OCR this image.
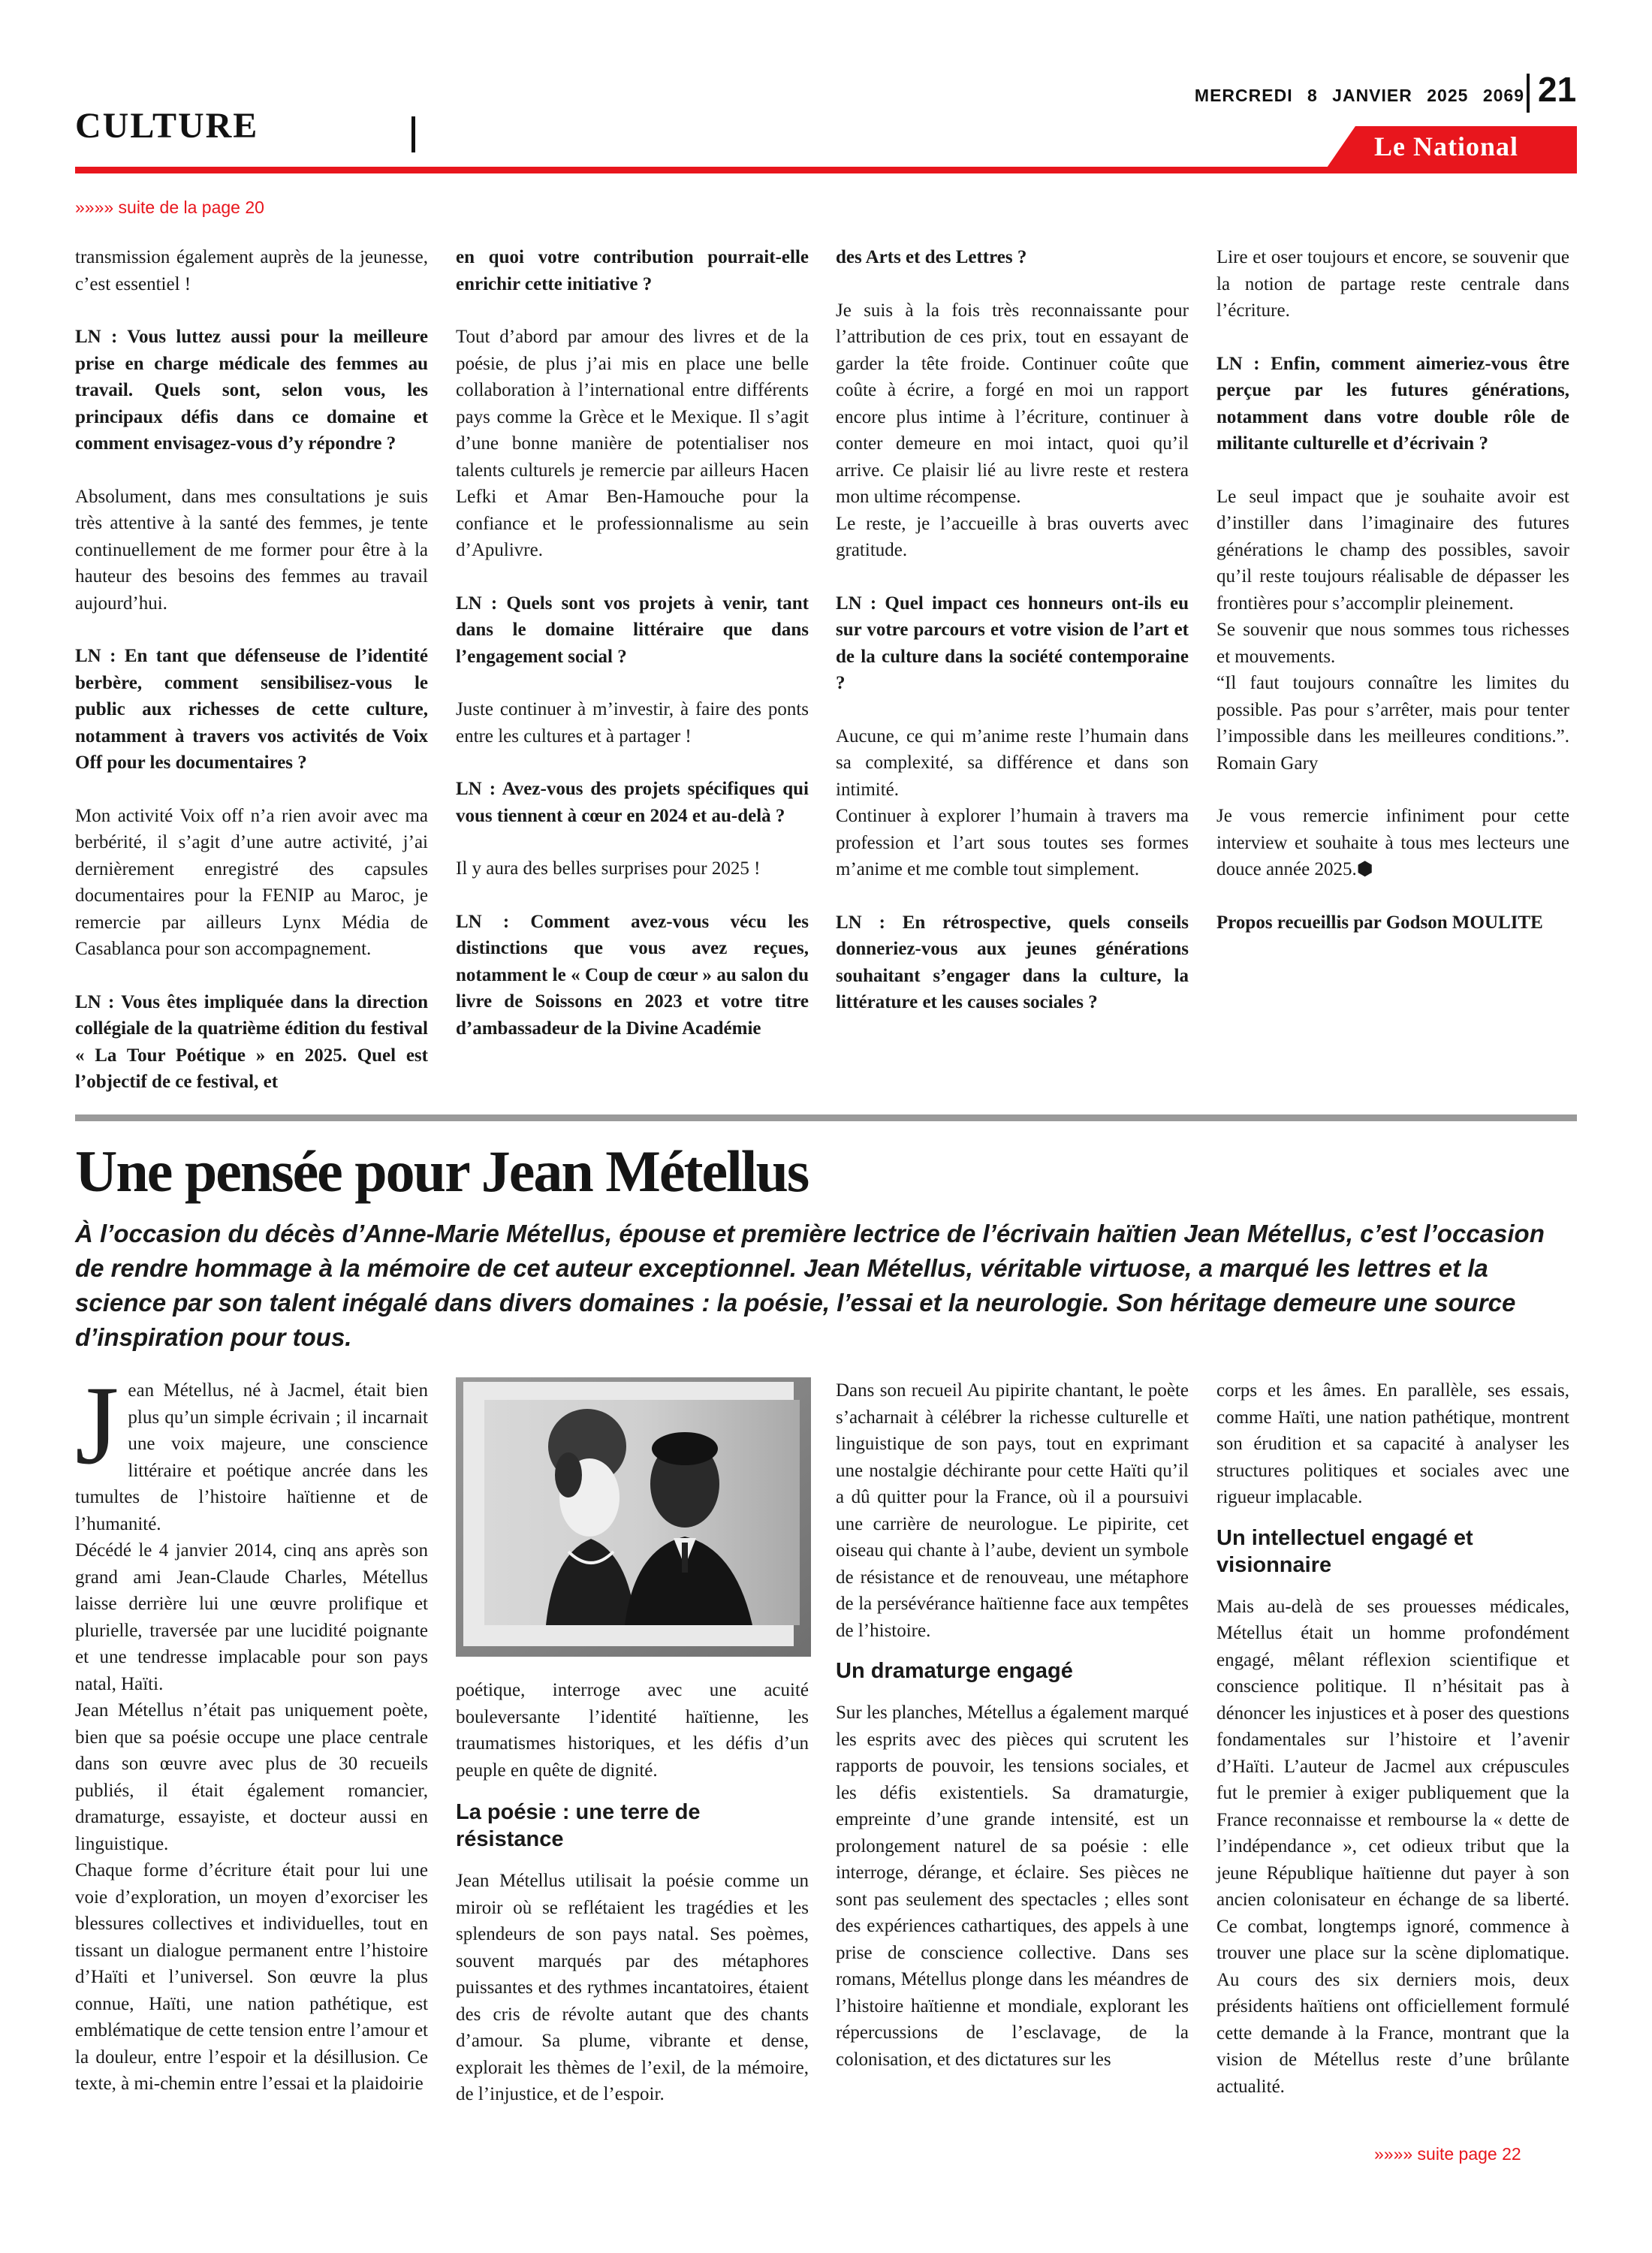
CULTURE
MERCREDI 8 JANVIER 2025 2069 21
Le National
»»»» suite de la page 20

transmission également auprès de la jeunesse, c’est essentiel !

LN : Vous luttez aussi pour la meilleure prise en charge médicale des femmes au travail. Quels sont, selon vous, les principaux défis dans ce domaine et comment envisagez-vous d’y répondre ?

Absolument, dans mes consultations je suis très attentive à la santé des femmes, je tente continuellement de me former pour être à la hauteur des besoins des femmes au travail aujourd’hui.

LN : En tant que défenseuse de l’identité berbère, comment sensibilisez-vous le public aux richesses de cette culture, notamment à travers vos activités de Voix Off pour les documentaires ?

Mon activité Voix off n’a rien avoir avec ma berbérité, il s’agit d’une autre activité, j’ai dernièrement enregistré des capsules documentaires pour la FENIP au Maroc, je remercie par ailleurs Lynx Média de Casablanca pour son accompagnement.

LN : Vous êtes impliquée dans la direction collégiale de la quatrième édition du festival « La Tour Poétique » en 2025. Quel est l’objectif de ce festival, et

en quoi votre contribution pourrait-elle enrichir cette initiative ?

Tout d’abord par amour des livres et de la poésie, de plus j’ai mis en place une belle collaboration à l’international entre différents pays comme la Grèce et le Mexique. Il s’agit d’une bonne manière de potentialiser nos talents culturels je remercie par ailleurs Hacen Lefki et Amar Ben-Hamouche pour la confiance et le professionnalisme au sein d’Apulivre.

LN : Quels sont vos projets à venir, tant dans le domaine littéraire que dans l’engagement social ?

Juste continuer à m’investir, à faire des ponts entre les cultures et à partager !

LN : Avez-vous des projets spécifiques qui vous tiennent à cœur en 2024 et au-delà ?

Il y aura des belles surprises pour 2025 !

LN : Comment avez-vous vécu les distinctions que vous avez reçues, notamment le « Coup de cœur » au salon du livre de Soissons en 2023 et votre titre d’ambassadeur de la Divine Académie

des Arts et des Lettres ?

Je suis à la fois très reconnaissante pour l’attribution de ces prix, tout en essayant de garder la tête froide. Continuer coûte que coûte à écrire, a forgé en moi un rapport encore plus intime à l’écriture, continuer à conter demeure en moi intact, quoi qu’il arrive. Ce plaisir lié au livre reste et restera mon ultime récompense.

Le reste, je l’accueille à bras ouverts avec gratitude.

LN : Quel impact ces honneurs ont-ils eu sur votre parcours et votre vision de l’art et de la culture dans la société contemporaine ?

Aucune, ce qui m’anime reste l’humain dans sa complexité, sa différence et dans son intimité.

Continuer à explorer l’humain à travers ma profession et l’art sous toutes ses formes m’anime et me comble tout simplement.

LN : En rétrospective, quels conseils donneriez-vous aux jeunes générations souhaitant s’engager dans la culture, la littérature et les causes sociales ?

Lire et oser toujours et encore, se souvenir que la notion de partage reste centrale dans l’écriture.

LN : Enfin, comment aimeriez-vous être perçue par les futures générations, notamment dans votre double rôle de militante culturelle et d’écrivain ?

Le seul impact que je souhaite avoir est d’instiller dans l’imaginaire des futures générations le champ des possibles, savoir qu’il reste toujours réalisable de dépasser les frontières pour s’accomplir pleinement.

Se souvenir que nous sommes tous richesses et mouvements.

“Il faut toujours connaître les limites du possible. Pas pour s’arrêter, mais pour tenter l’impossible dans les meilleures conditions.”. Romain Gary

Je vous remercie infiniment pour cette interview et souhaite à tous mes lecteurs une douce année 2025.⬢

Propos recueillis par Godson MOULITE

Une pensée pour Jean Métellus
À l’occasion du décès d’Anne-Marie Métellus, épouse et première lectrice de l’écrivain haïtien Jean Métellus, c’est l’occasion de rendre hommage à la mémoire de cet auteur exceptionnel. Jean Métellus, véritable virtuose, a marqué les lettres et la science par son talent inégalé dans divers domaines : la poésie, l’essai et la neurologie. Son héritage demeure une source d’inspiration pour tous.

Jean Métellus, né à Jacmel, était bien plus qu’un simple écrivain ; il incarnait une voix majeure, une conscience littéraire et poétique ancrée dans les tumultes de l’histoire haïtienne et de l’humanité.

Décédé le 4 janvier 2014, cinq ans après son grand ami Jean-Claude Charles, Métellus laisse derrière lui une œuvre prolifique et plurielle, traversée par une lucidité poignante et une tendresse implacable pour son pays natal, Haïti.

Jean Métellus n’était pas uniquement poète, bien que sa poésie occupe une place centrale dans son œuvre avec plus de 30 recueils publiés, il était également romancier, dramaturge, essayiste, et docteur aussi en linguistique.

Chaque forme d’écriture était pour lui une voie d’exploration, un moyen d’exorciser les blessures collectives et individuelles, tout en tissant un dialogue permanent entre l’histoire d’Haïti et l’universel. Son œuvre la plus connue, Haïti, une nation pathétique, est emblématique de cette tension entre l’amour et la douleur, entre l’espoir et la désillusion. Ce texte, à mi-chemin entre l’essai et la plaidoirie

poétique, interroge avec une acuité bouleversante l’identité haïtienne, les traumatismes historiques, et les défis d’un peuple en quête de dignité.

La poésie : une terre de résistance

Jean Métellus utilisait la poésie comme un miroir où se reflétaient les tragédies et les splendeurs de son pays natal. Ses poèmes, souvent marqués par des métaphores puissantes et des rythmes incantatoires, étaient des cris de révolte autant que des chants d’amour. Sa plume, vibrante et dense, explorait les thèmes de l’exil, de la mémoire, de l’injustice, et de l’espoir.

Dans son recueil Au pipirite chantant, le poète s’acharnait à célébrer la richesse culturelle et linguistique de son pays, tout en exprimant une nostalgie déchirante pour cette Haïti qu’il a dû quitter pour la France, où il a poursuivi une carrière de neurologue. Le pipirite, cet oiseau qui chante à l’aube, devient un symbole de résistance et de renouveau, une métaphore de la persévérance haïtienne face aux tempêtes de l’histoire.

Un dramaturge engagé

Sur les planches, Métellus a également marqué les esprits avec des pièces qui scrutent les rapports de pouvoir, les tensions sociales, et les défis existentiels. Sa dramaturgie, empreinte d’une grande intensité, est un prolongement naturel de sa poésie : elle interroge, dérange, et éclaire. Ses pièces ne sont pas seulement des spectacles ; elles sont des expériences cathartiques, des appels à une prise de conscience collective. Dans ses romans, Métellus plonge dans les méandres de l’histoire haïtienne et mondiale, explorant les répercussions de l’esclavage, de la colonisation, et des dictatures sur les

corps et les âmes. En parallèle, ses essais, comme Haïti, une nation pathétique, montrent son érudition et sa capacité à analyser les structures politiques et sociales avec une rigueur implacable.

Un intellectuel engagé et visionnaire

Mais au-delà de ses prouesses médicales, Métellus était un homme profondément engagé, mêlant réflexion scientifique et conscience politique. Il n’hésitait pas à dénoncer les injustices et à poser des questions fondamentales sur l’histoire et l’avenir d’Haïti. L’auteur de Jacmel aux crépuscules fut le premier à exiger publiquement que la France reconnaisse et rembourse la « dette de l’indépendance », cet odieux tribut que la jeune République haïtienne dut payer à son ancien colonisateur en échange de sa liberté. Ce combat, longtemps ignoré, commence à trouver une place sur la scène diplomatique. Au cours des six derniers mois, deux présidents haïtiens ont officiellement formulé cette demande à la France, montrant que la vision de Métellus reste d’une brûlante actualité.

»»»» suite page 22
